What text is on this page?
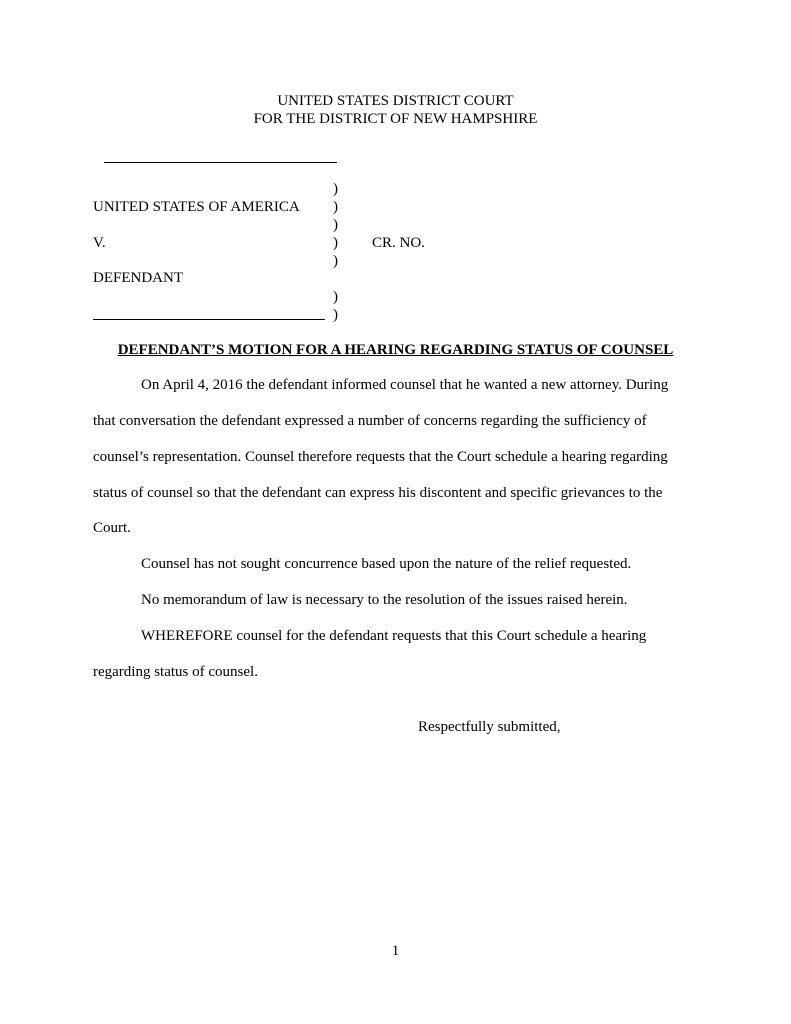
UNITED STATES DISTRICT COURT
FOR THE DISTRICT OF NEW HAMPSHIRE
)
UNITED STATES OF AMERICA )
)
V.	) CR. NO.
)
DEFENDANT
)
)
DEFENDANT’S MOTION FOR A HEARING REGARDING STATUS OF COUNSEL
On April 4, 2016 the defendant informed counsel that he wanted a new attorney. During
that conversation the defendant expressed a number of concerns regarding the sufficiency of
counsel’s representation. Counsel therefore requests that the Court schedule a hearing regarding
status of counsel so that the defendant can express his discontent and specific grievances to the
Court.
Counsel has not sought concurrence based upon the nature of the relief requested.
No memorandum of law is necessary to the resolution of the issues raised herein.
WHEREFORE counsel for the defendant requests that this Court schedule a hearing
regarding status of counsel.
Respectfully submitted,
1
